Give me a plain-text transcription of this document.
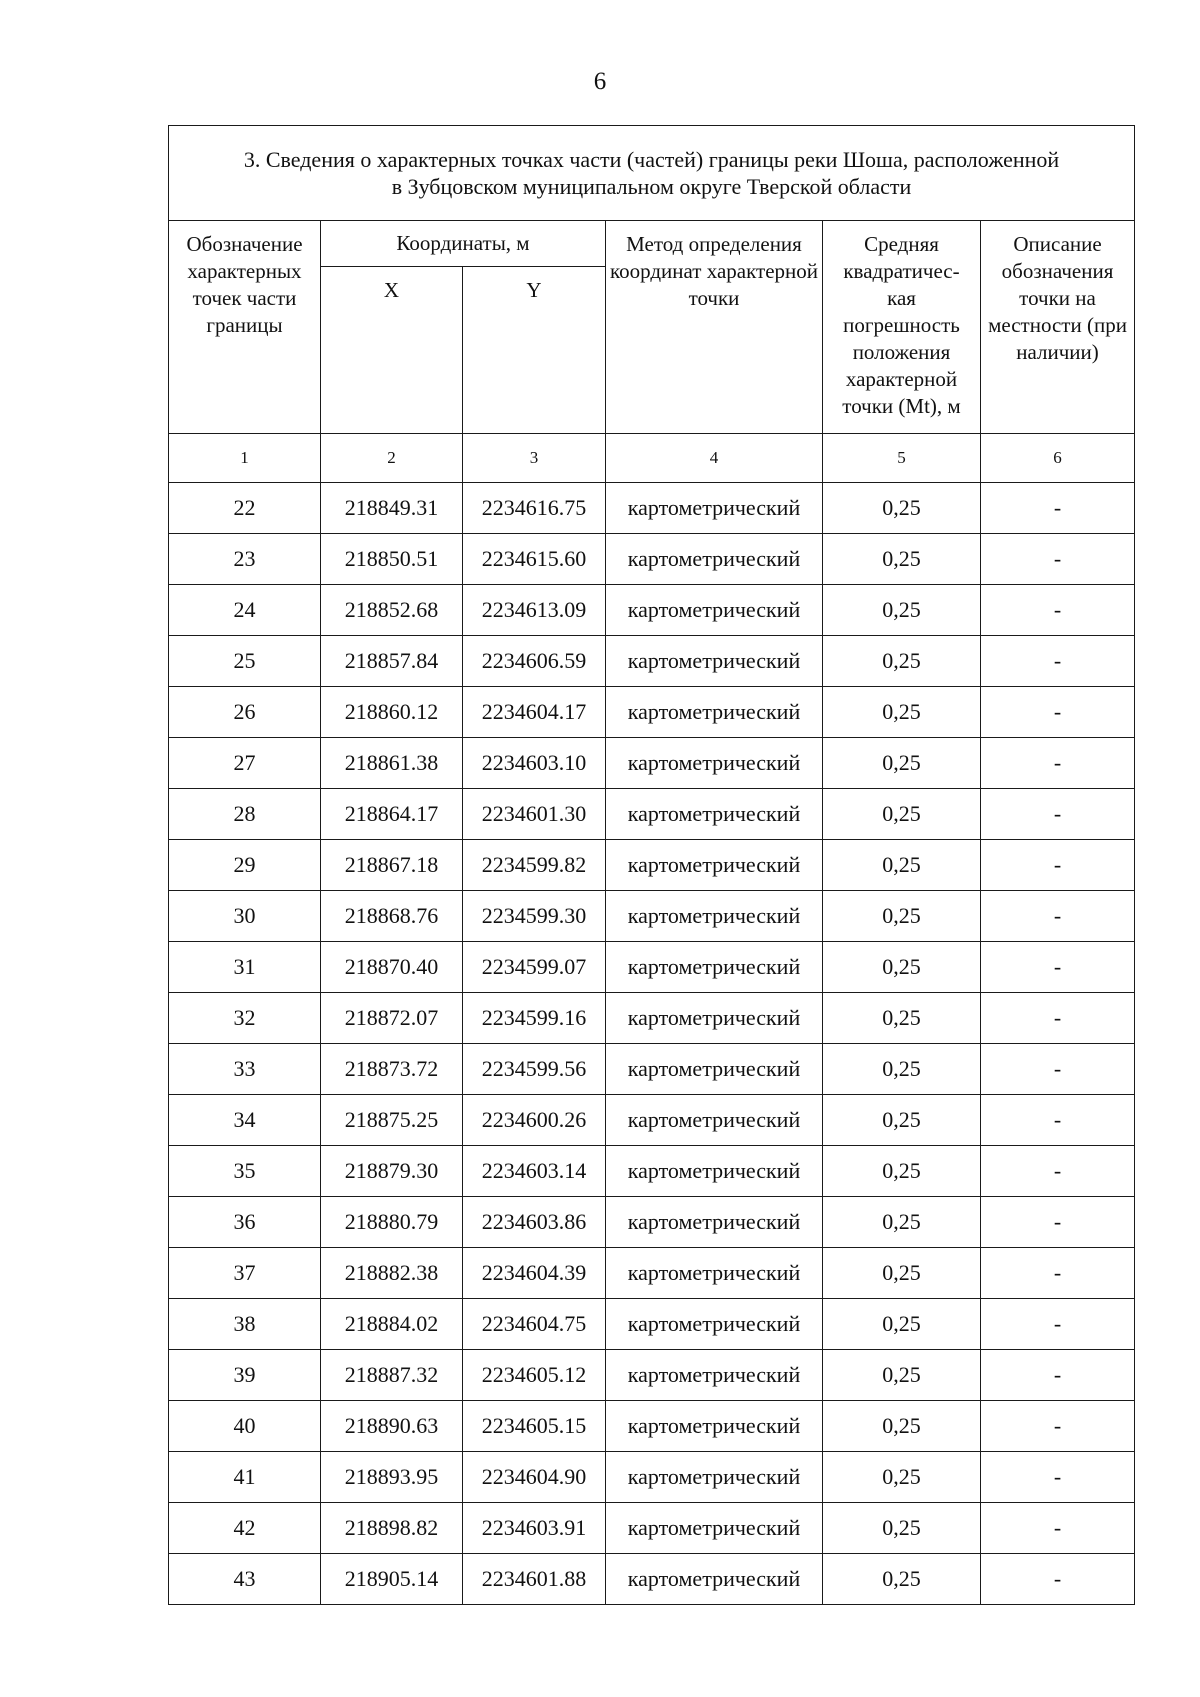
6
3. Сведения о характерных точках части (частей) границы реки Шоша, расположенной
в Зубцовском муниципальном округе Тверской области					

Обозначение характерных точек части границы	Координаты, м		Метод определения координат характерной точки	Средняя квадратичес-кая погрешность положения характерной точки (Mt), м	Описание обозначения точки на местности (при наличии)
	X	Y			
1	2	3	4	5	6
22	218849.31	2234616.75	картометрический	0,25	-
23	218850.51	2234615.60	картометрический	0,25	-
24	218852.68	2234613.09	картометрический	0,25	-
25	218857.84	2234606.59	картометрический	0,25	-
26	218860.12	2234604.17	картометрический	0,25	-
27	218861.38	2234603.10	картометрический	0,25	-
28	218864.17	2234601.30	картометрический	0,25	-
29	218867.18	2234599.82	картометрический	0,25	-
30	218868.76	2234599.30	картометрический	0,25	-
31	218870.40	2234599.07	картометрический	0,25	-
32	218872.07	2234599.16	картометрический	0,25	-
33	218873.72	2234599.56	картометрический	0,25	-
34	218875.25	2234600.26	картометрический	0,25	-
35	218879.30	2234603.14	картометрический	0,25	-
36	218880.79	2234603.86	картометрический	0,25	-
37	218882.38	2234604.39	картометрический	0,25	-
38	218884.02	2234604.75	картометрический	0,25	-
39	218887.32	2234605.12	картометрический	0,25	-
40	218890.63	2234605.15	картометрический	0,25	-
41	218893.95	2234604.90	картометрический	0,25	-
42	218898.82	2234603.91	картометрический	0,25	-
43	218905.14	2234601.88	картометрический	0,25	-
